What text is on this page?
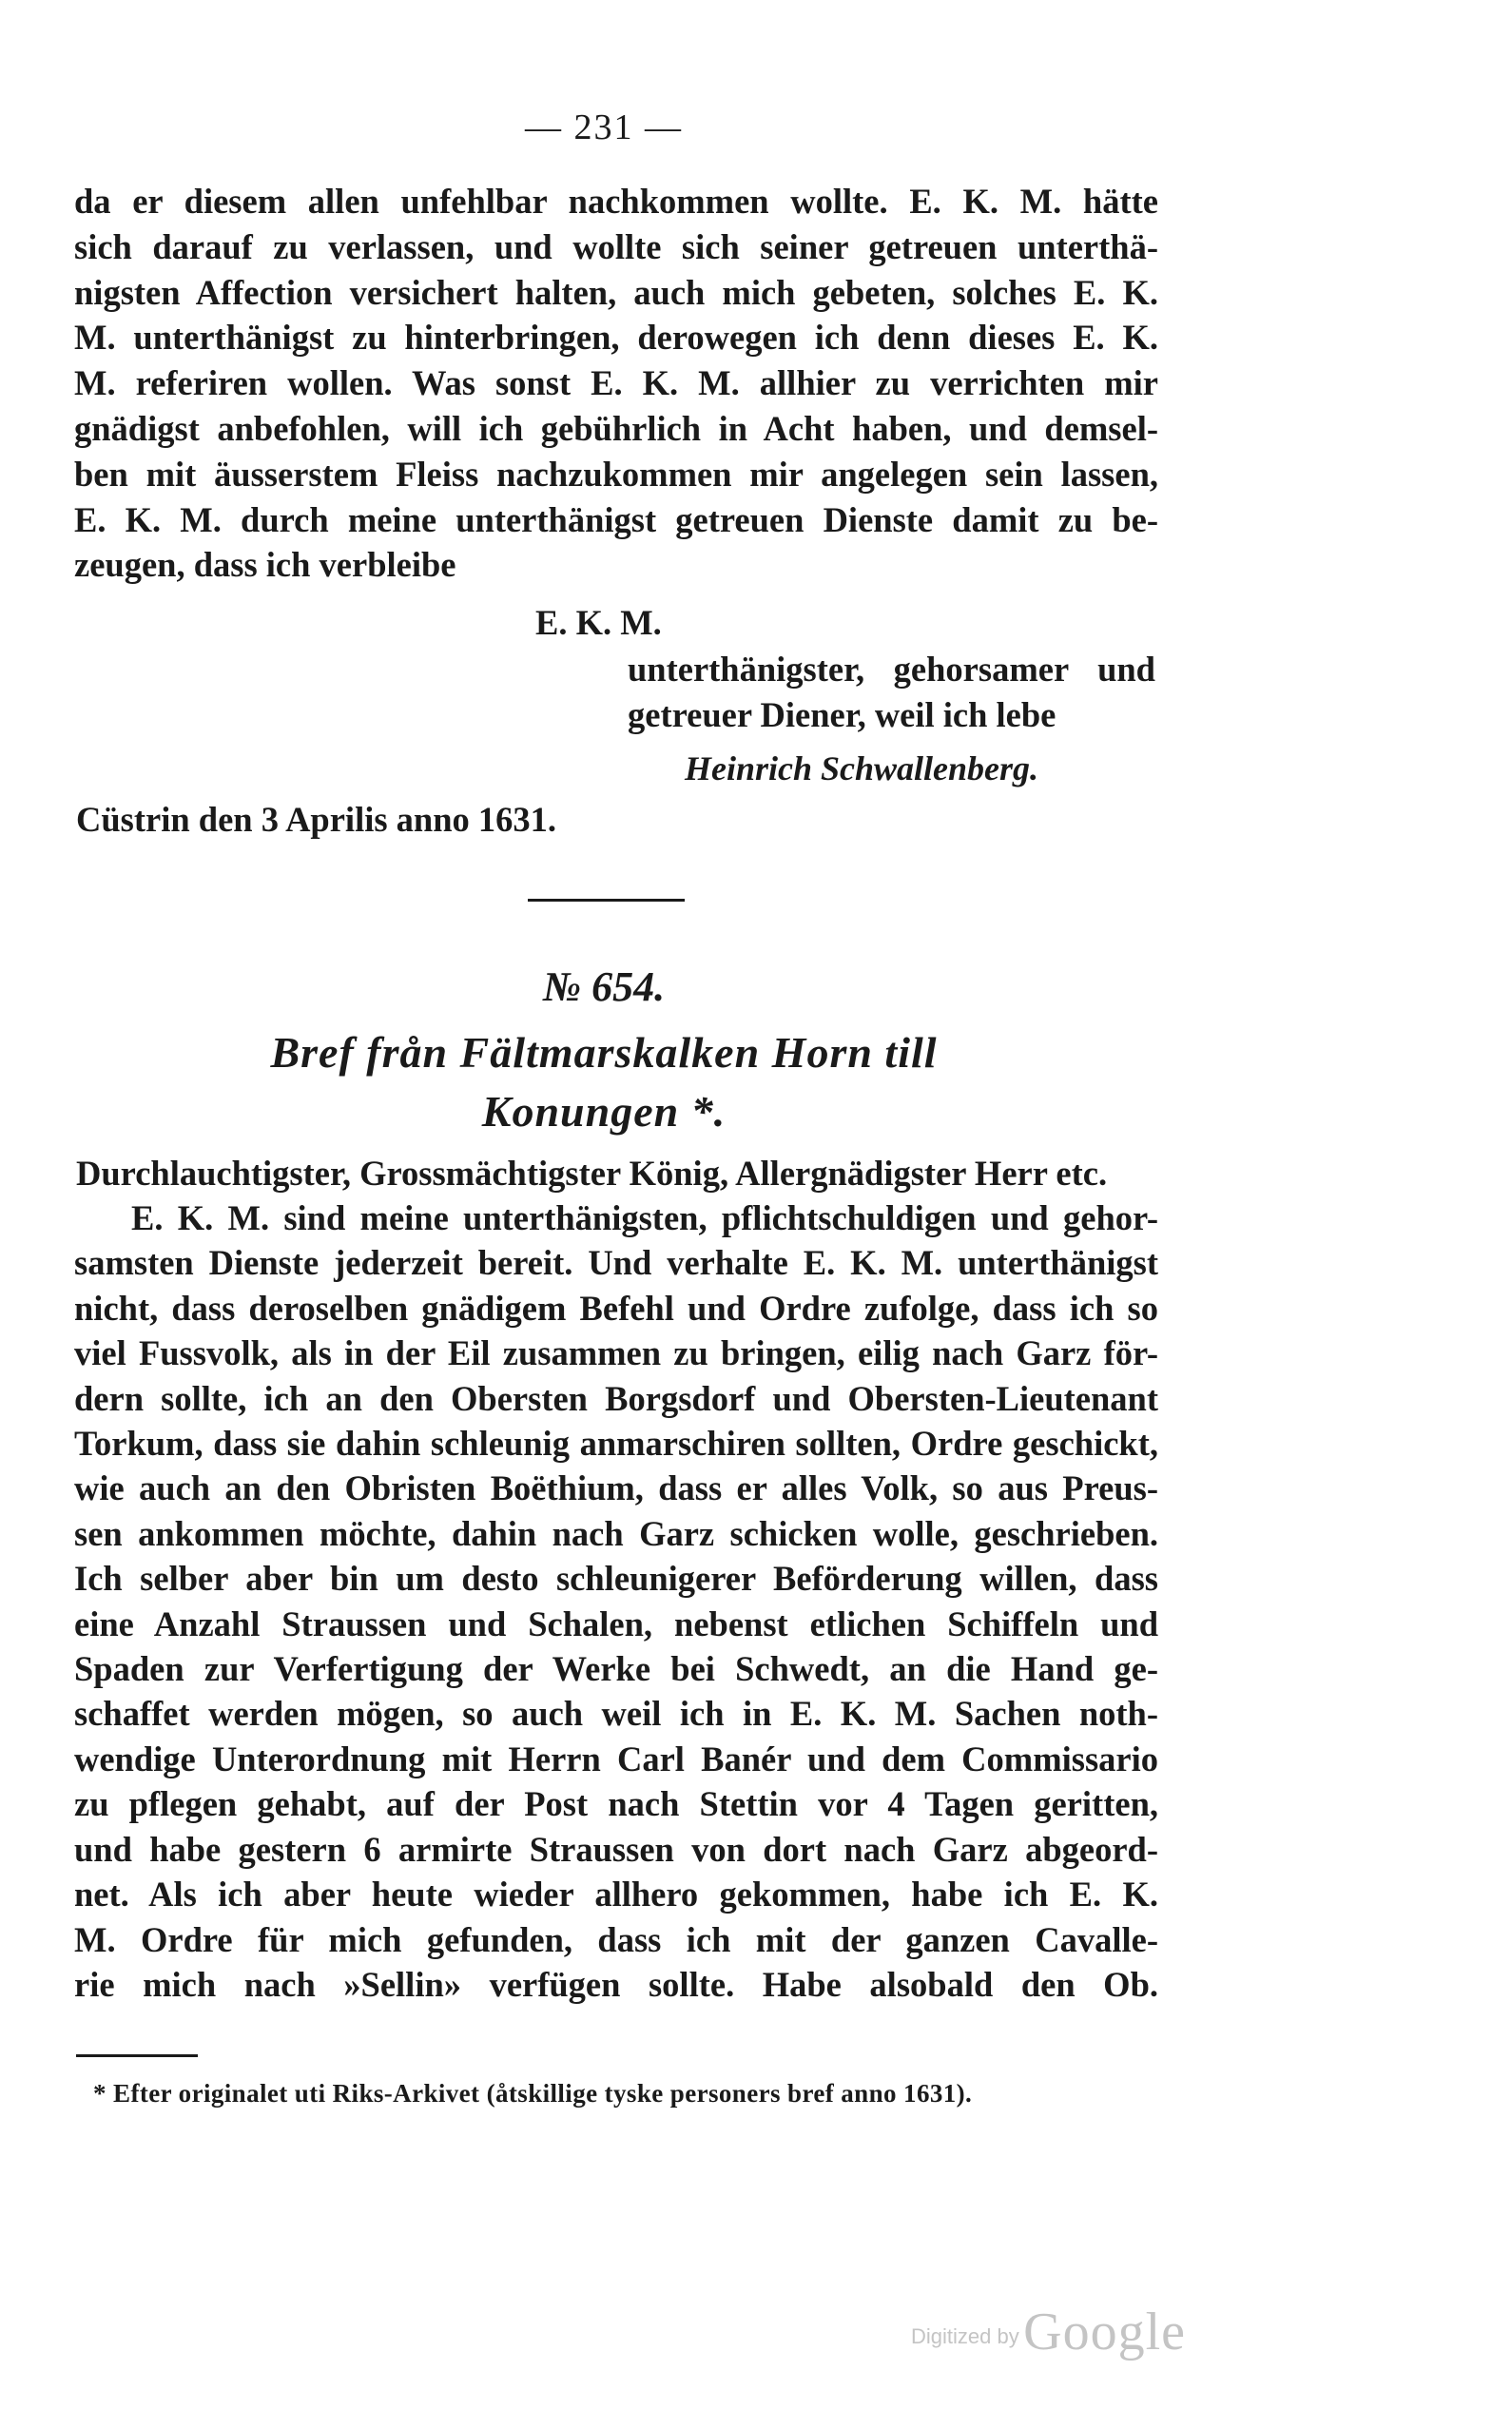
— 231 —
da er diesem allen unfehlbar nachkommen wollte. E. K. M. hätte
sich darauf zu verlassen, und wollte sich seiner getreuen unterthä-
nigsten Affection versichert halten, auch mich gebeten, solches E. K.
M. unterthänigst zu hinterbringen, derowegen ich denn dieses E. K.
M. referiren wollen. Was sonst E. K. M. allhier zu verrichten mir
gnädigst anbefohlen, will ich gebührlich in Acht haben, und demsel-
ben mit äusserstem Fleiss nachzukommen mir angelegen sein lassen,
E. K. M. durch meine unterthänigst getreuen Dienste damit zu be-
zeugen, dass ich verbleibe
E. K. M.
unterthänigster, gehorsamer und
getreuer Diener, weil ich lebe
Heinrich Schwallenberg.
Cüstrin den 3 Aprilis anno 1631.
№ 654.
Bref från Fältmarskalken Horn till
Konungen *.
Durchlauchtigster, Grossmächtigster König, Allergnädigster Herr etc.
E. K. M. sind meine unterthänigsten, pflichtschuldigen und gehor-
samsten Dienste jederzeit bereit. Und verhalte E. K. M. unterthänigst
nicht, dass deroselben gnädigem Befehl und Ordre zufolge, dass ich so
viel Fussvolk, als in der Eil zusammen zu bringen, eilig nach Garz för-
dern sollte, ich an den Obersten Borgsdorf und Obersten-Lieutenant
Torkum, dass sie dahin schleunig anmarschiren sollten, Ordre geschickt,
wie auch an den Obristen Boëthium, dass er alles Volk, so aus Preus-
sen ankommen möchte, dahin nach Garz schicken wolle, geschrieben.
Ich selber aber bin um desto schleunigerer Beförderung willen, dass
eine Anzahl Straussen und Schalen, nebenst etlichen Schiffeln und
Spaden zur Verfertigung der Werke bei Schwedt, an die Hand ge-
schaffet werden mögen, so auch weil ich in E. K. M. Sachen noth-
wendige Unterordnung mit Herrn Carl Banér und dem Commissario
zu pflegen gehabt, auf der Post nach Stettin vor 4 Tagen geritten,
und habe gestern 6 armirte Straussen von dort nach Garz abgeord-
net. Als ich aber heute wieder allhero gekommen, habe ich E. K.
M. Ordre für mich gefunden, dass ich mit der ganzen Cavalle-
rie mich nach »Sellin» verfügen sollte. Habe alsobald den Ob.
* Efter originalet uti Riks-Arkivet (åtskillige tyske personers bref anno 1631).
Digitized by Google
